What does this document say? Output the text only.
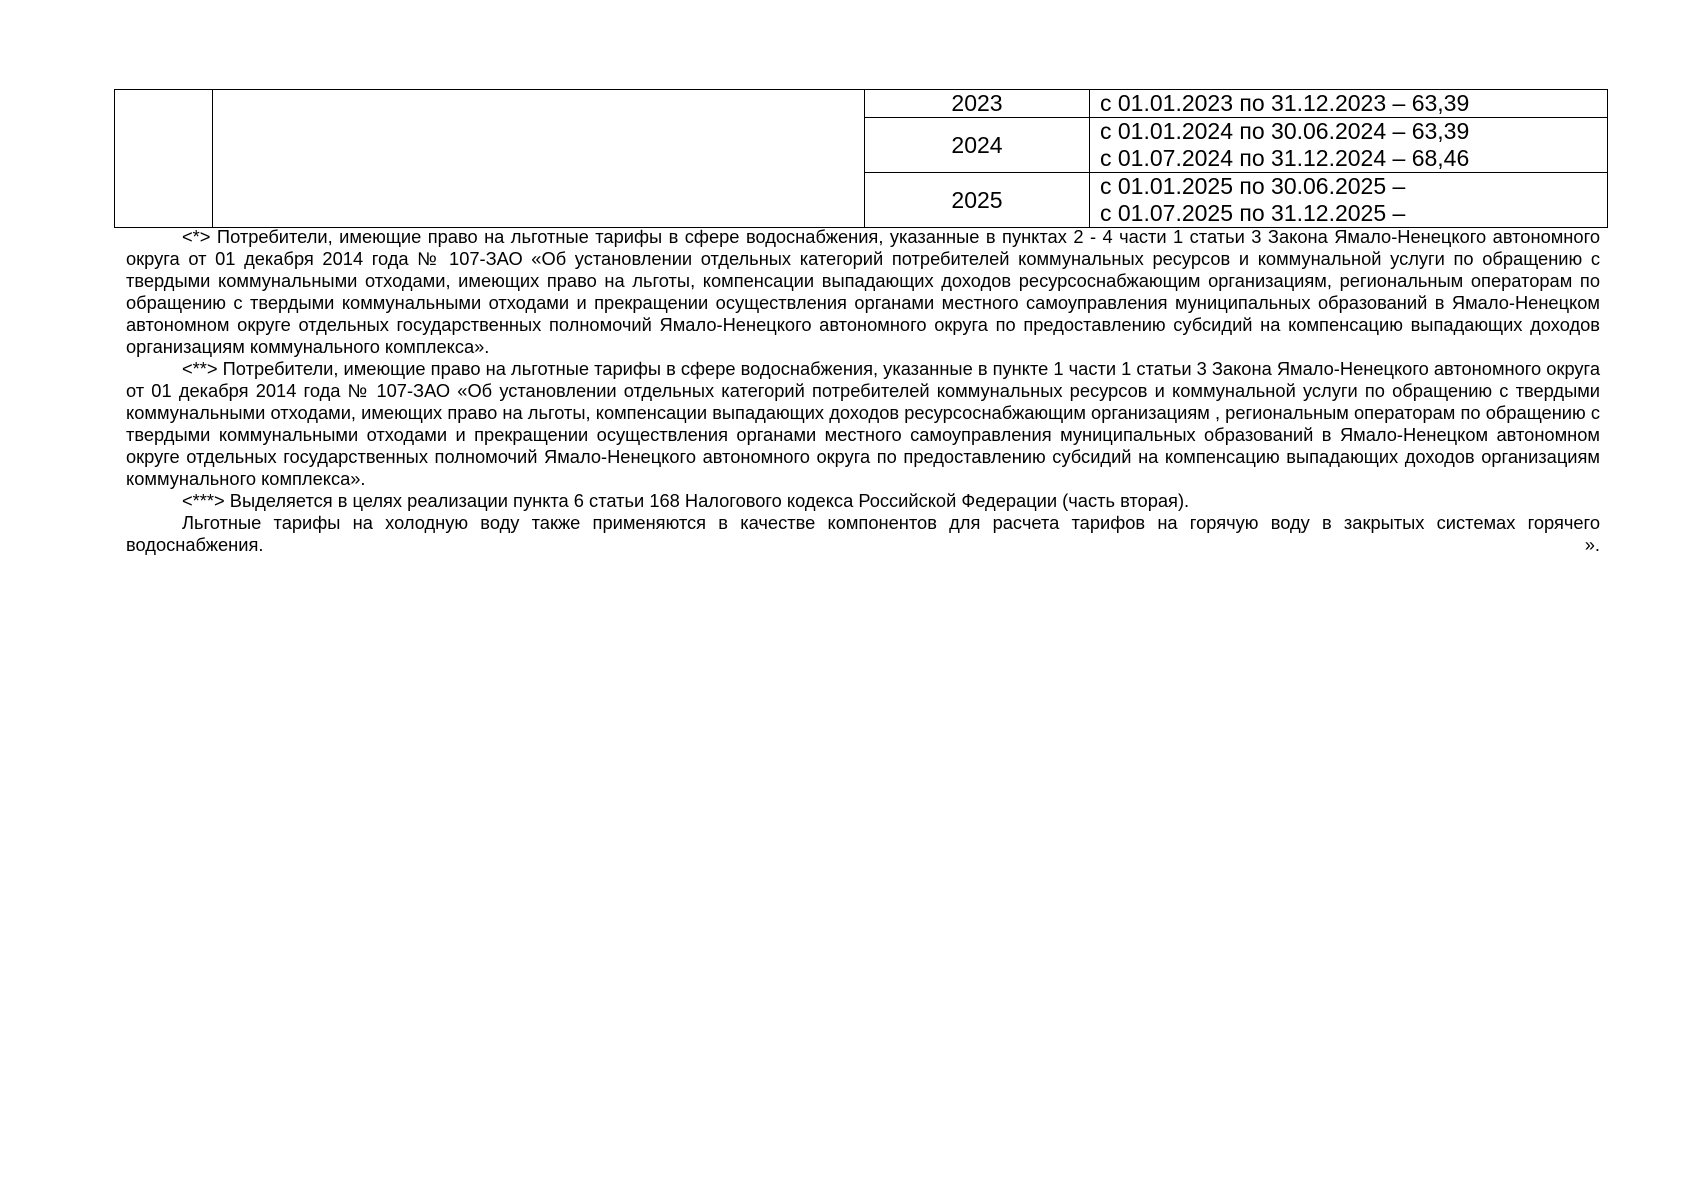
		2023	с 01.01.2023 по 31.12.2023 – 63,39

		2024	с 01.01.2024 по 30.06.2024 – 63,39
с 01.07.2024 по 31.12.2024 – 68,46

		2025	с 01.01.2025 по 30.06.2025 –
с 01.07.2025 по 31.12.2025 –

<*> Потребители, имеющие право на льготные тарифы в сфере водоснабжения, указанные в пунктах 2 - 4 части 1 статьи 3 Закона Ямало-Ненецкого автономного округа от 01 декабря 2014 года № 107-ЗАО «Об установлении отдельных категорий потребителей коммунальных ресурсов и коммунальной услуги по обращению с твердыми коммунальными отходами, имеющих право на льготы, компенсации выпадающих доходов ресурсоснабжающим организациям, региональным операторам по обращению с твердыми коммунальными отходами и прекращении осуществления органами местного самоуправления муниципальных образований в Ямало-Ненецком автономном округе отдельных государственных полномочий Ямало-Ненецкого автономного округа по предоставлению субсидий на компенсацию выпадающих доходов организациям коммунального комплекса».

<**> Потребители, имеющие право на льготные тарифы в сфере водоснабжения, указанные в пункте 1 части 1 статьи 3 Закона Ямало-Ненецкого автономного округа от 01 декабря 2014 года № 107-ЗАО «Об установлении отдельных категорий потребителей коммунальных ресурсов и коммунальной услуги по обращению с твердыми коммунальными отходами, имеющих право на льготы, компенсации выпадающих доходов ресурсоснабжающим организациям , региональным операторам по обращению с твердыми коммунальными отходами и прекращении осуществления органами местного самоуправления муниципальных образований в Ямало-Ненецком автономном округе отдельных государственных полномочий Ямало-Ненецкого автономного округа по предоставлению субсидий на компенсацию выпадающих доходов организациям коммунального комплекса».

<***> Выделяется в целях реализации пункта 6 статьи 168 Налогового кодекса Российской Федерации (часть вторая).

Льготные тарифы на холодную воду также применяются в качестве компонентов для расчета тарифов на горячую воду в закрытых системах горячего водоснабжения. ».
